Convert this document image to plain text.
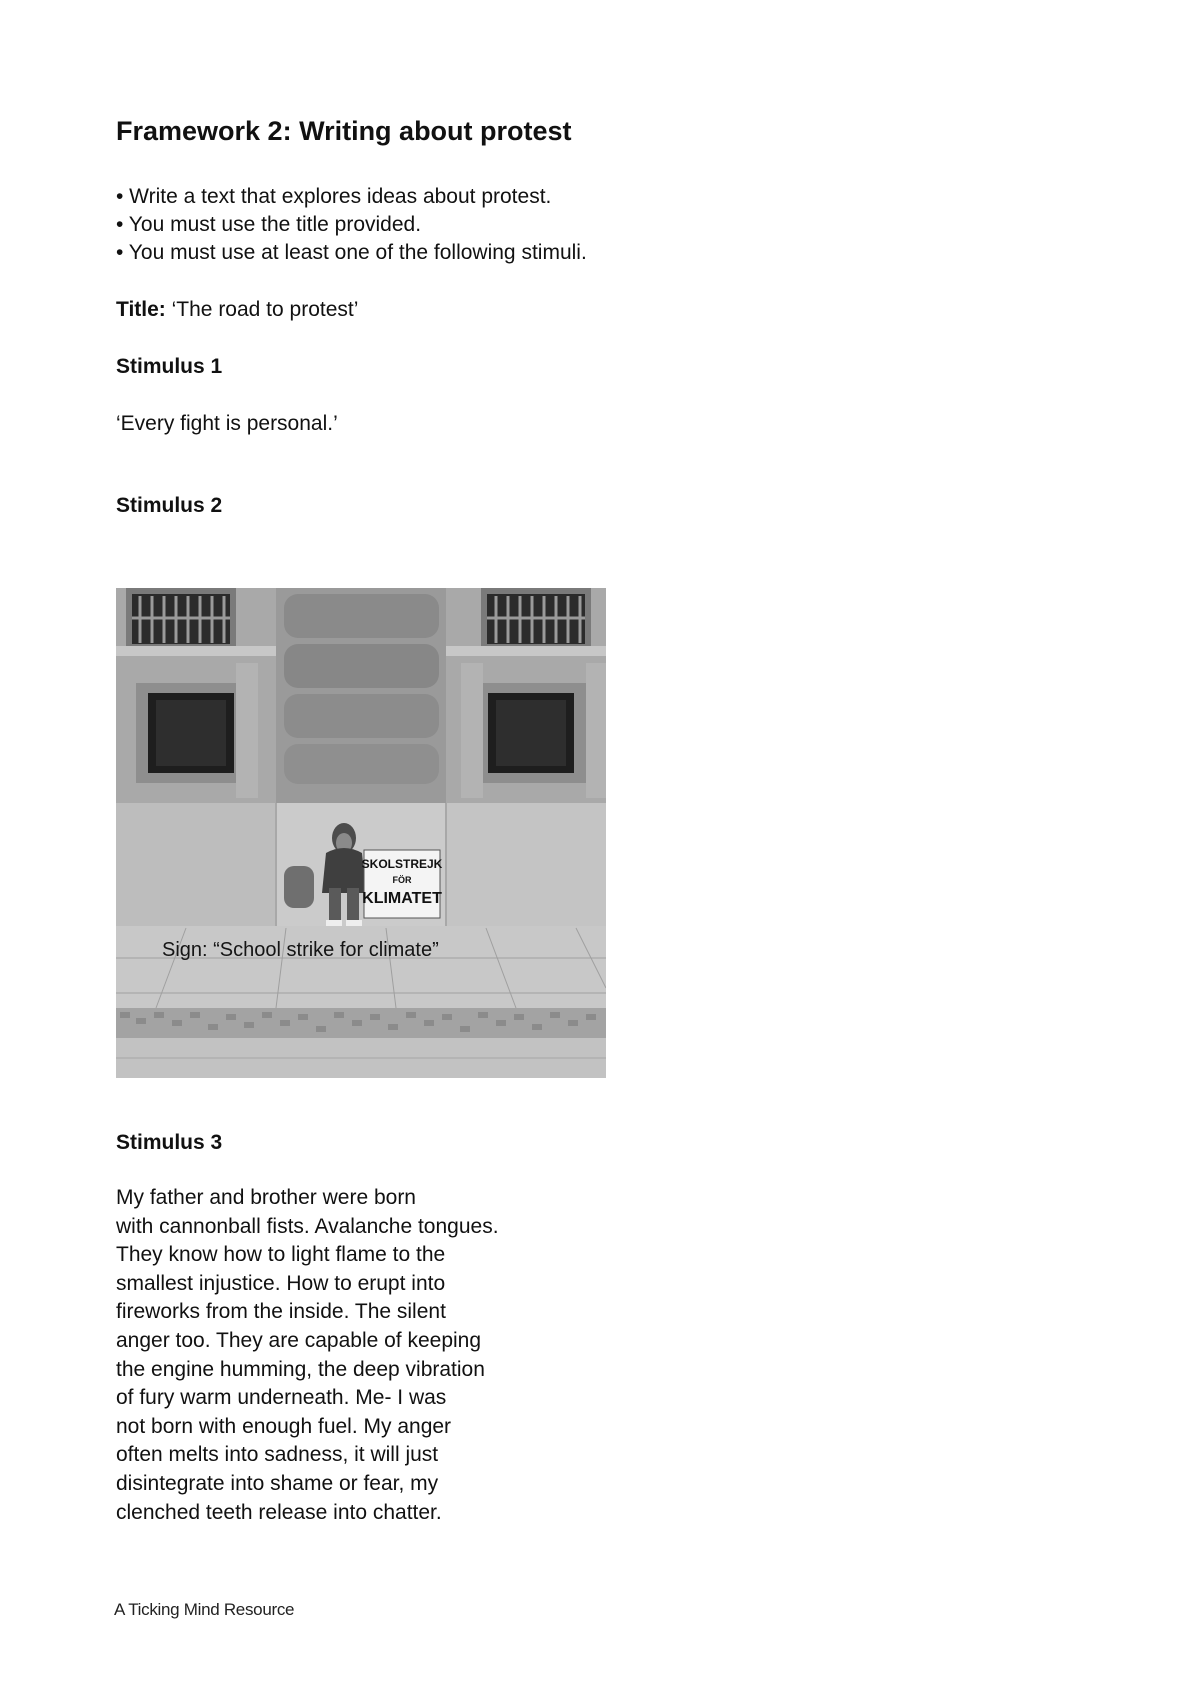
Framework 2: Writing about protest
• Write a text that explores ideas about protest.
• You must use the title provided.
• You must use at least one of the following stimuli.
Title: ‘The road to protest’
Stimulus 1
‘Every fight is personal.’
Stimulus 2
SKOLSTREJK
FÖR
KLIMATET
Sign: “School strike for climate”
Stimulus 3
My father and brother were born
with cannonball fists. Avalanche tongues.
They know how to light flame to the
smallest injustice. How to erupt into
fireworks from the inside. The silent
anger too. They are capable of keeping
the engine humming, the deep vibration
of fury warm underneath. Me- I was
not born with enough fuel. My anger
often melts into sadness, it will just
disintegrate into shame or fear, my
clenched teeth release into chatter.
A Ticking Mind Resource
